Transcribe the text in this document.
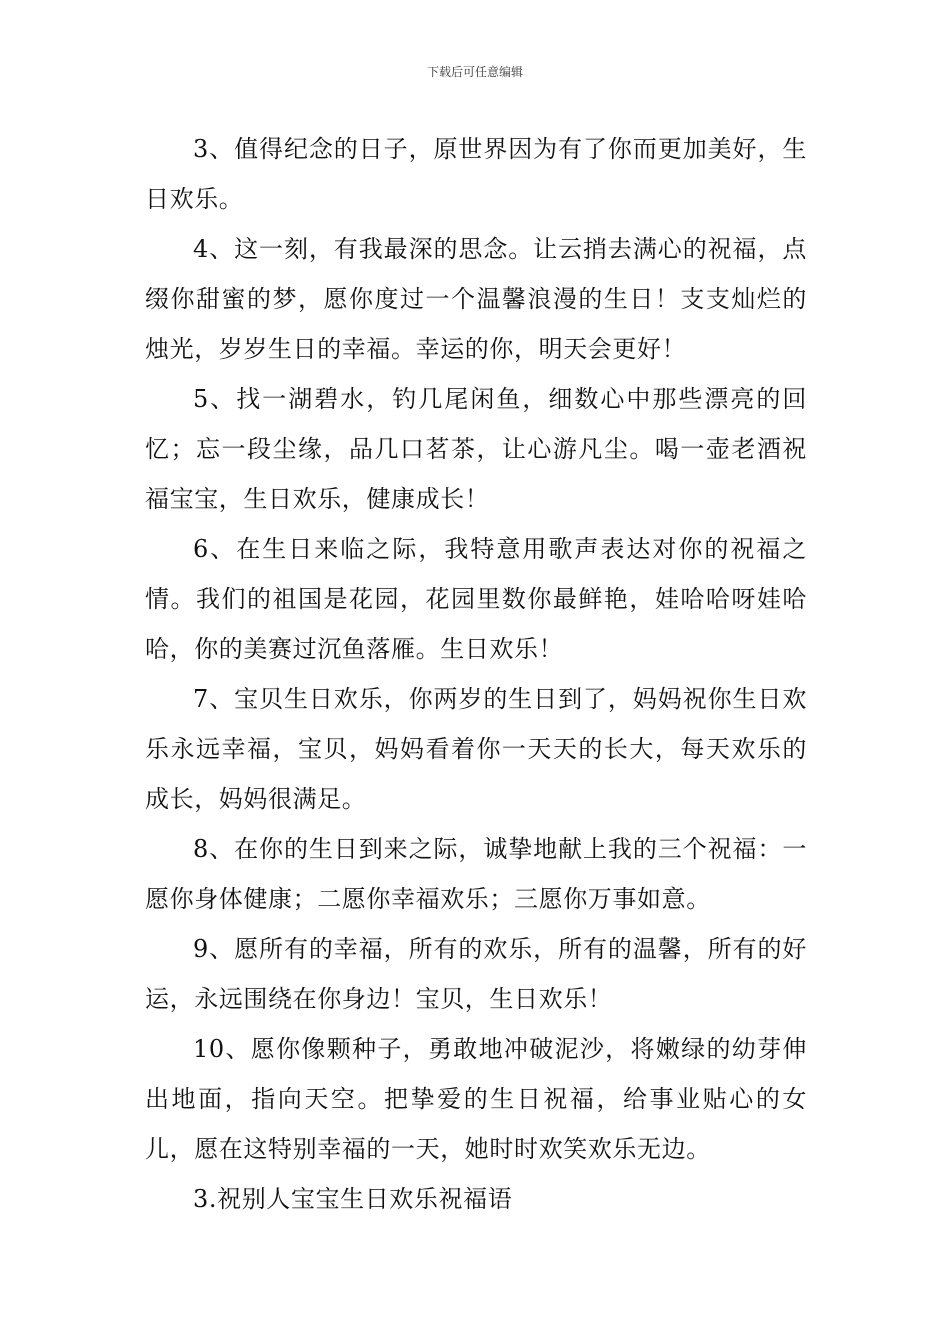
下载后可任意编辑

3、值得纪念的日子，原世界因为有了你而更加美好，生日欢乐。

4、这一刻，有我最深的思念。让云捎去满心的祝福，点缀你甜蜜的梦，愿你度过一个温馨浪漫的生日！支支灿烂的烛光，岁岁生日的幸福。幸运的你，明天会更好！

5、找一湖碧水，钓几尾闲鱼，细数心中那些漂亮的回忆；忘一段尘缘，品几口茗茶，让心游凡尘。喝一壶老酒祝福宝宝，生日欢乐，健康成长！

6、在生日来临之际，我特意用歌声表达对你的祝福之情。我们的祖国是花园，花园里数你最鲜艳，娃哈哈呀娃哈哈，你的美赛过沉鱼落雁。生日欢乐！

7、宝贝生日欢乐，你两岁的生日到了，妈妈祝你生日欢乐永远幸福，宝贝，妈妈看着你一天天的长大，每天欢乐的成长，妈妈很满足。

8、在你的生日到来之际，诚挚地献上我的三个祝福：一愿你身体健康；二愿你幸福欢乐；三愿你万事如意。

9、愿所有的幸福，所有的欢乐，所有的温馨，所有的好运，永远围绕在你身边！宝贝，生日欢乐！

10、愿你像颗种子，勇敢地冲破泥沙，将嫩绿的幼芽伸出地面，指向天空。把挚爱的生日祝福，给事业贴心的女儿，愿在这特别幸福的一天，她时时欢笑欢乐无边。

3.祝别人宝宝生日欢乐祝福语
